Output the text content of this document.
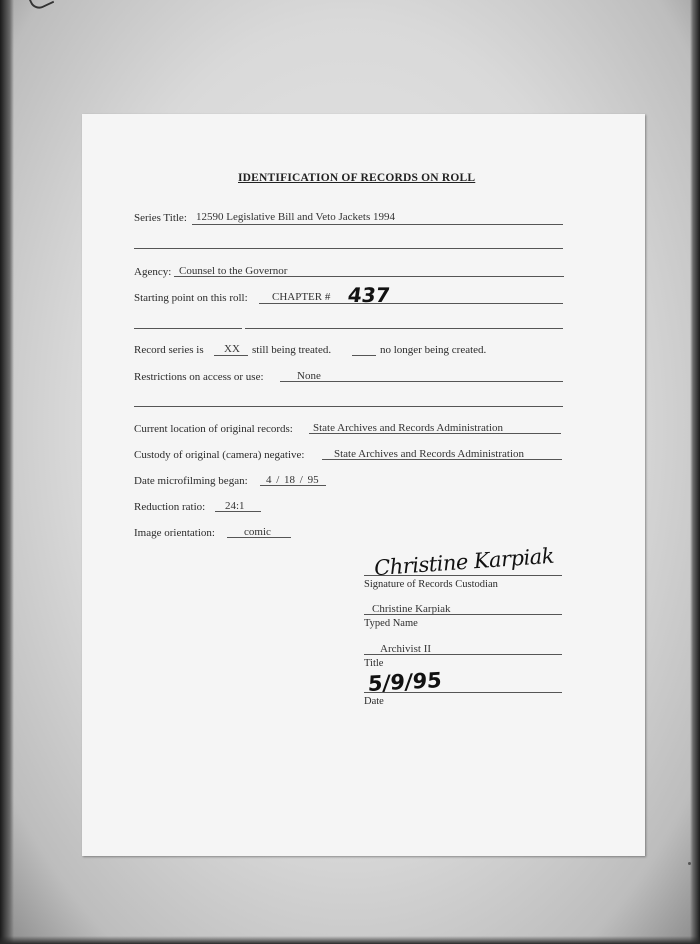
IDENTIFICATION OF RECORDS ON ROLL
Series Title: 12590 Legislative Bill and Veto Jackets 1994
Agency: Counsel to the Governor
Starting point on this roll: CHAPTER # 437
Record series is XX still being treated.	no longer being created.
Restrictions on access or use:	None
Current location of original records: State Archives and Records Administration
Custody of original (camera) negative:	State Archives and Records Administration
Date microfilming began: 4 / 18 / 95
Reduction ratio: 24:1
Image orientation:	comic
Christine Karpiak
Signature of Records Custodian
Christine Karpiak
Typed Name
Archivist II
Title
5/9/95
Date
